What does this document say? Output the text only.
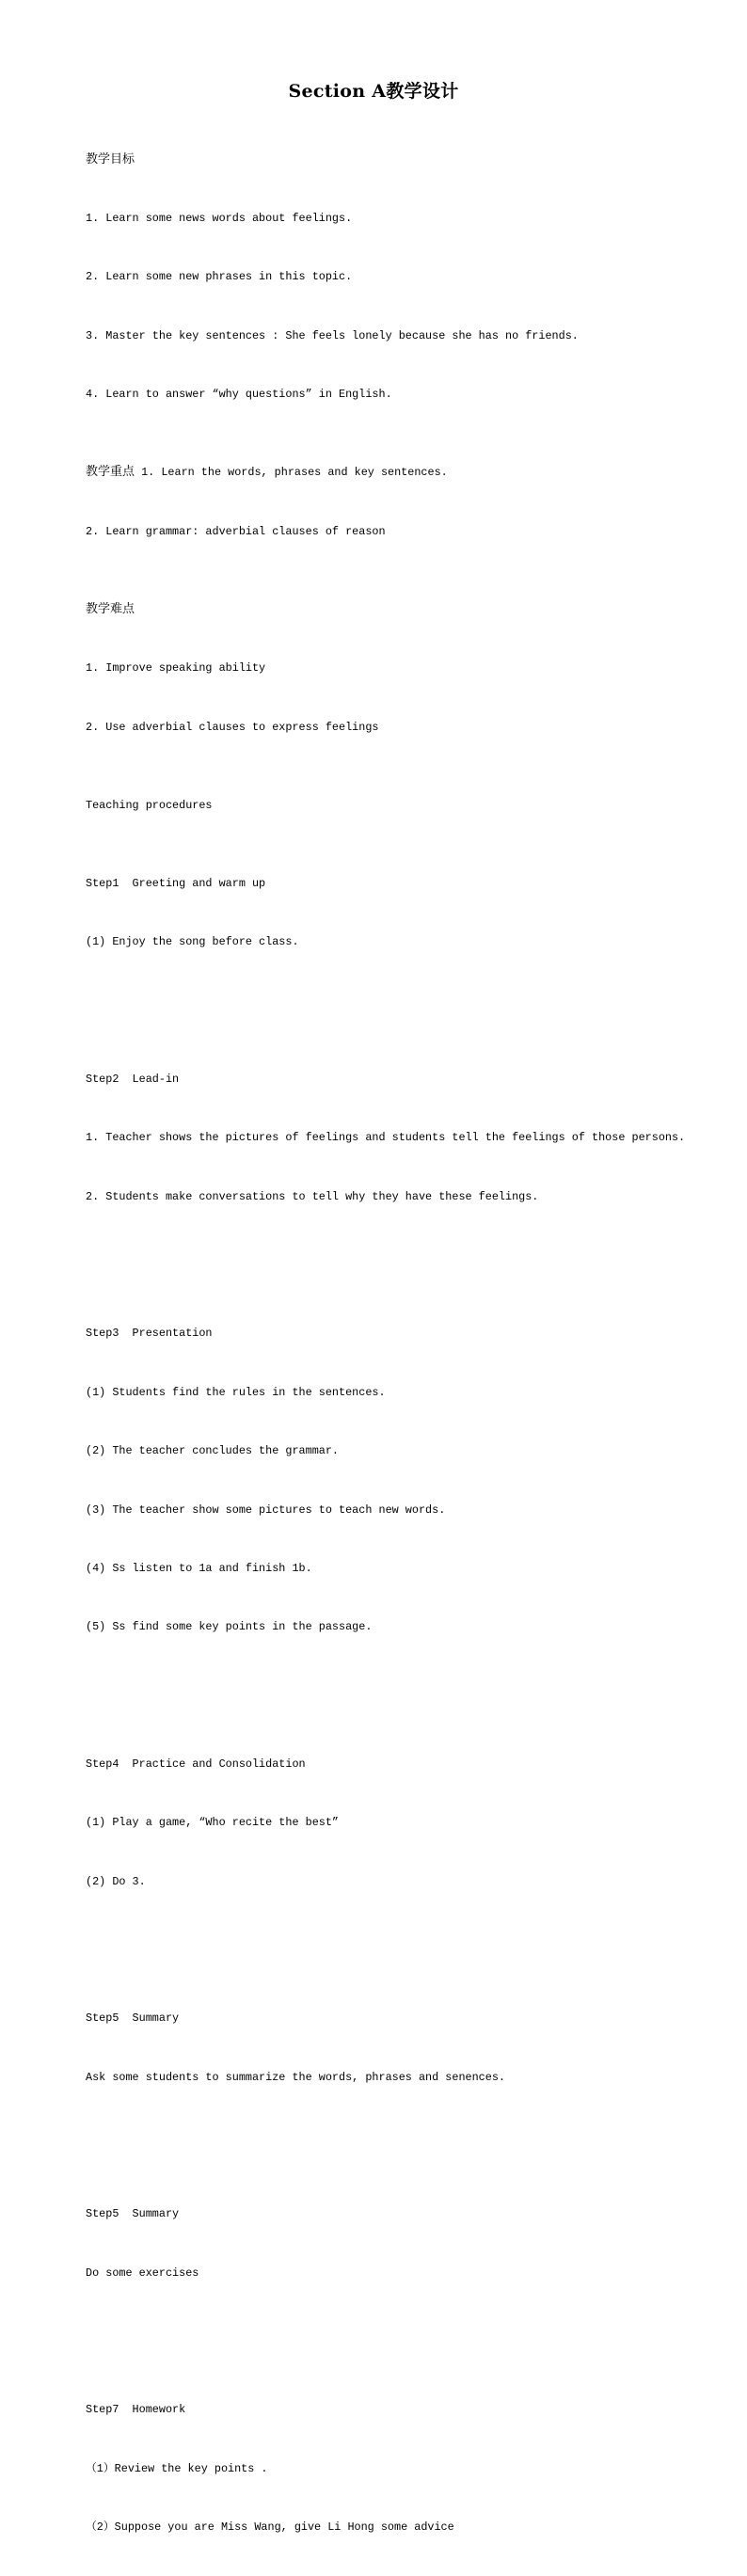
Section A教学设计

教学目标

1. Learn some news words about feelings.

2. Learn some new phrases in this topic.

3. Master the key sentences : She feels lonely because she has no friends.

4. Learn to answer “why questions” in English.

教学重点 1. Learn the words, phrases and key sentences.

2. Learn grammar: adverbial clauses of reason

教学难点

1. Improve speaking ability

2. Use adverbial clauses to express feelings

Teaching procedures

Step1  Greeting and warm up

(1) Enjoy the song before class.

Step2  Lead-in

1. Teacher shows the pictures of feelings and students tell the feelings of those persons.

2. Students make conversations to tell why they have these feelings.

Step3  Presentation

(1) Students find the rules in the sentences.

(2) The teacher concludes the grammar.

(3) The teacher show some pictures to teach new words.

(4) Ss listen to 1a and finish 1b.

(5) Ss find some key points in the passage.

Step4  Practice and Consolidation

(1) Play a game, “Who recite the best”

(2) Do 3.

Step5  Summary

Ask some students to summarize the words, phrases and senences.

Step5  Summary

Do some exercises

Step7  Homework

（1）Review the key points .

（2）Suppose you are Miss Wang, give Li Hong some advice
